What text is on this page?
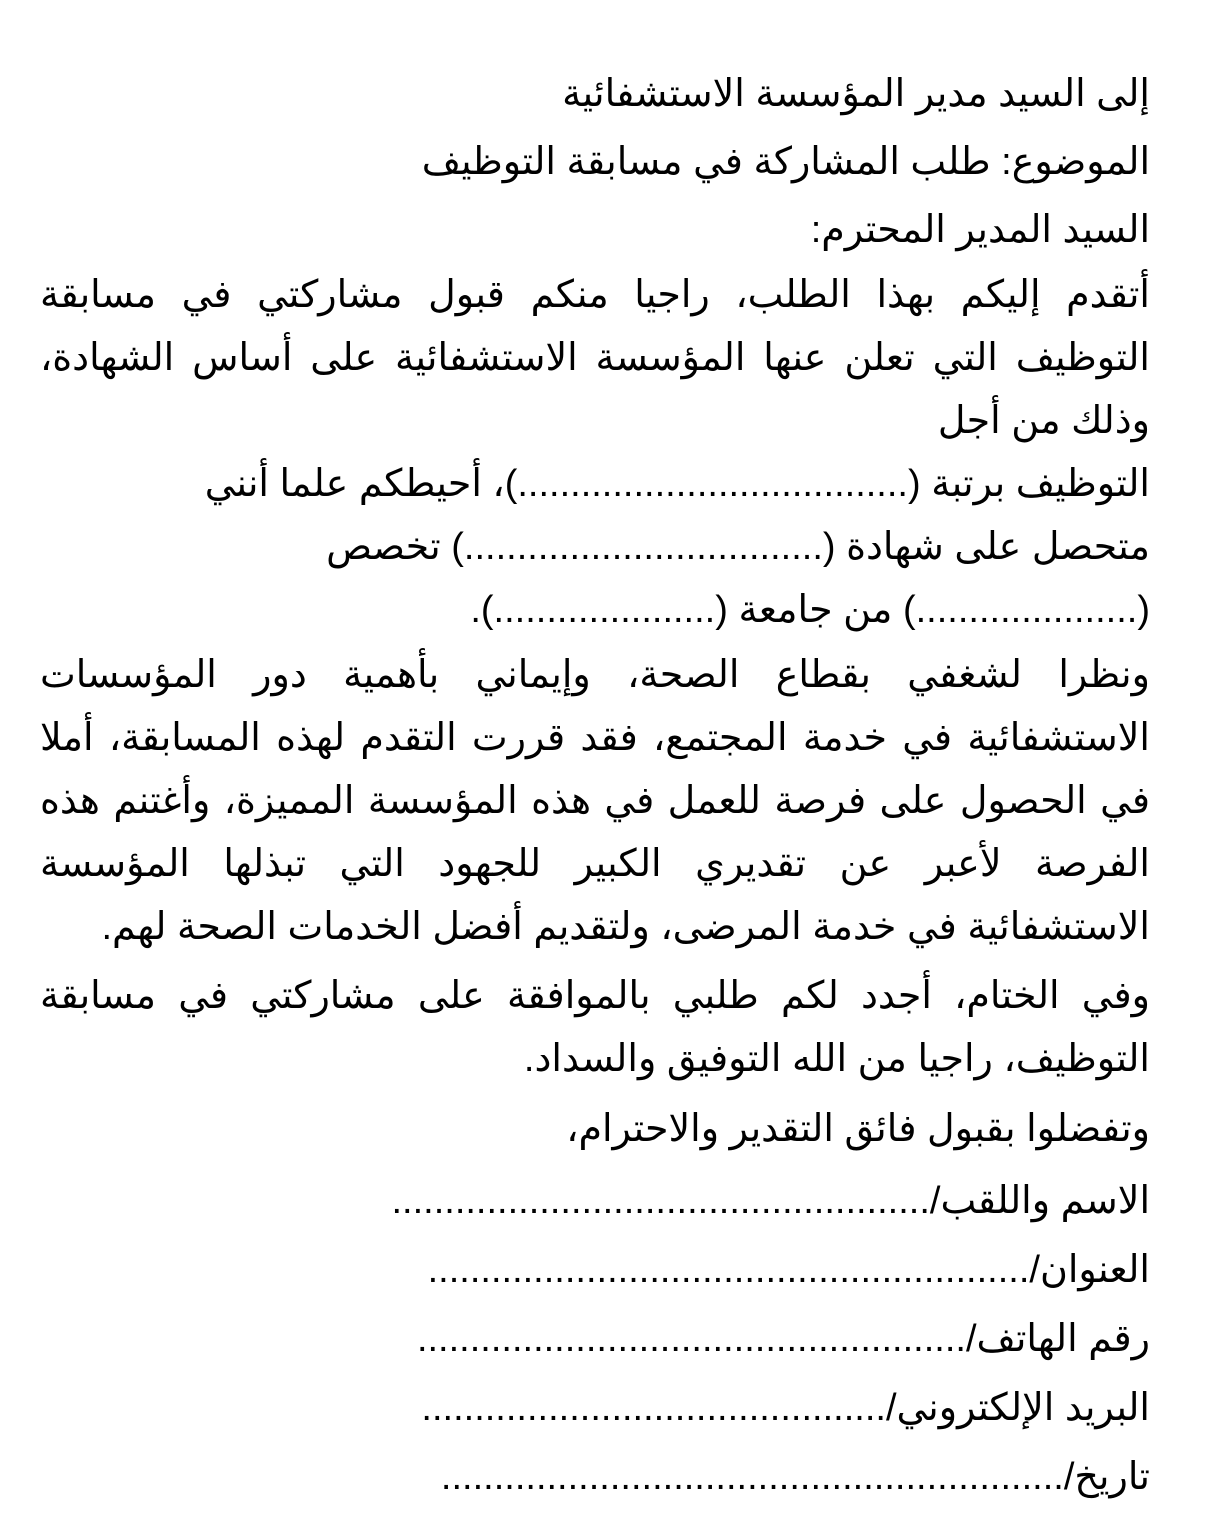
إلى السيد مدير المؤسسة الاستشفائية
الموضوع: طلب المشاركة في مسابقة التوظيف
السيد المدير المحترم:
أتقدم إليكم بهذا الطلب، راجيا منكم قبول مشاركتي في مسابقة التوظيف التي تعلن عنها المؤسسة الاستشفائية على أساس الشهادة، وذلك من أجل
التوظيف برتبة (.....................................)، أحيطكم علما أنني
متحصل على شهادة (..................................) تخصص
(.....................) من جامعة (.....................).
ونظرا لشغفي بقطاع الصحة، وإيماني بأهمية دور المؤسسات الاستشفائية في خدمة المجتمع، فقد قررت التقدم لهذه المسابقة، أملا في الحصول على فرصة للعمل في هذه المؤسسة المميزة، وأغتنم هذه الفرصة لأعبر عن تقديري الكبير للجهود التي تبذلها المؤسسة الاستشفائية في خدمة المرضى، ولتقديم أفضل الخدمات الصحة لهم.
وفي الختام، أجدد لكم طلبي بالموافقة على مشاركتي في مسابقة التوظيف، راجيا من الله التوفيق والسداد.
وتفضلوا بقبول فائق التقدير والاحترام،
الاسم واللقب/...................................................
العنوان/.........................................................
رقم الهاتف/....................................................
البريد الإلكتروني/............................................
تاريخ/...........................................................
